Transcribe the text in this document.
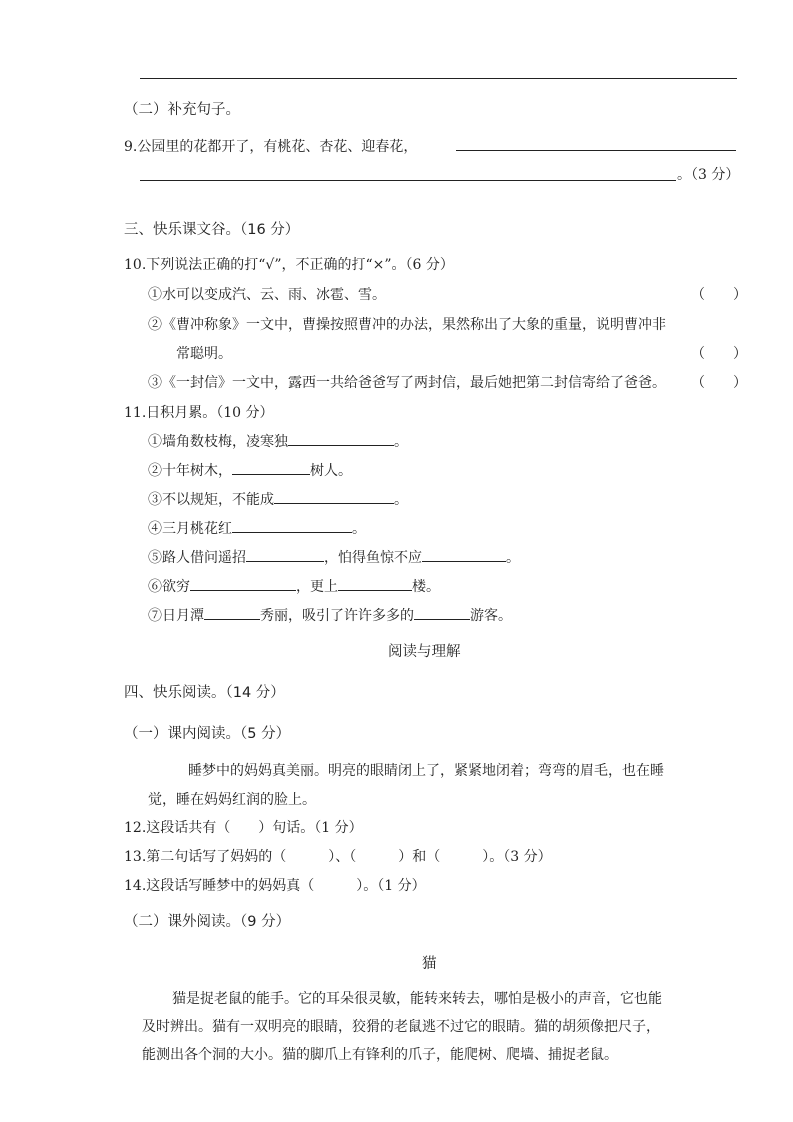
（二）补充句子。
9.公园里的花都开了，有桃花、杏花、迎春花，
。（3 分）
三、快乐课文谷。（16 分）
10.下列说法正确的打“√”，不正确的打“×”。（6 分）
①水可以变成汽、云、雨、冰雹、雪。	（　　）
②《曹冲称象》一文中，曹操按照曹冲的办法，果然称出了大象的重量，说明曹冲非
常聪明。	（　　）
③《一封信》一文中，露西一共给爸爸写了两封信，最后她把第二封信寄给了爸爸。 （　　）
11.日积月累。（10 分）
①墙角数枝梅，凌寒独	。
②十年树木，	树人。
③不以规矩，不能成	。
④三月桃花红	。
⑤路人借问遥招	，怕得鱼惊不应	。
⑥欲穷	，更上	楼。
⑦日月潭	秀丽，吸引了许许多多的	游客。
阅读与理解
四、快乐阅读。（14 分）
（一）课内阅读。（5 分）
睡梦中的妈妈真美丽。明亮的眼睛闭上了，紧紧地闭着；弯弯的眉毛，也在睡
觉，睡在妈妈红润的脸上。
12.这段话共有（　　）句话。（1 分）
13.第二句话写了妈妈的（　　　）、（　　　）和（　　　）。（3 分）
14.这段话写睡梦中的妈妈真（　　　）。（1 分）
（二）课外阅读。（9 分）
猫
猫是捉老鼠的能手。它的耳朵很灵敏，能转来转去，哪怕是极小的声音，它也能
及时辨出。猫有一双明亮的眼睛，狡猾的老鼠逃不过它的眼睛。猫的胡须像把尺子，
能测出各个洞的大小。猫的脚爪上有锋利的爪子，能爬树、爬墙、捕捉老鼠。
